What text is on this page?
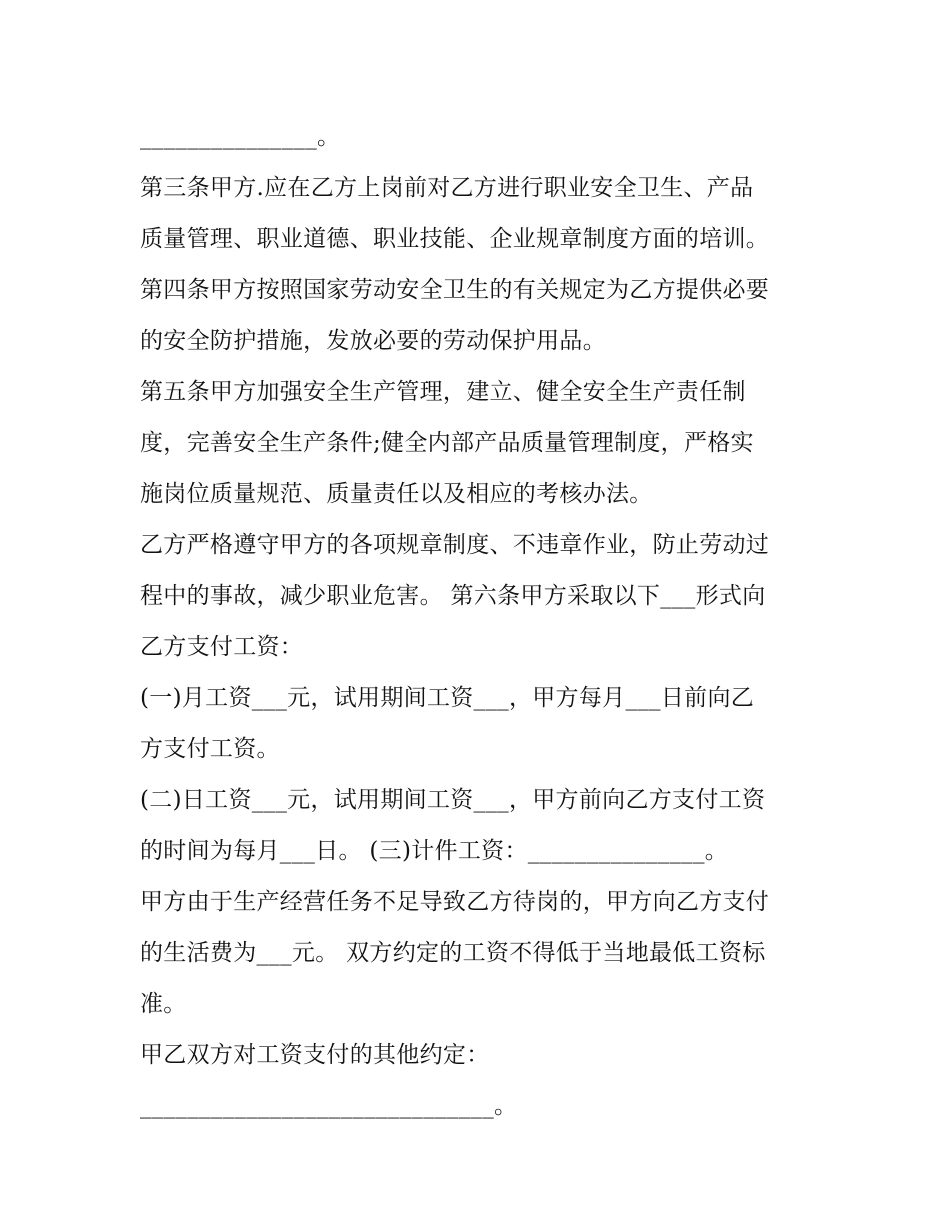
_______________。
第三条甲方.应在乙方上岗前对乙方进行职业安全卫生、产品
质量管理、职业道德、职业技能、企业规章制度方面的培训。
第四条甲方按照国家劳动安全卫生的有关规定为乙方提供必要
的安全防护措施，发放必要的劳动保护用品。
第五条甲方加强安全生产管理，建立、健全安全生产责任制
度，完善安全生产条件;健全内部产品质量管理制度，严格实
施岗位质量规范、质量责任以及相应的考核办法。
乙方严格遵守甲方的各项规章制度、不违章作业，防止劳动过
程中的事故，减少职业危害。 第六条甲方采取以下___形式向
乙方支付工资：
(一)月工资___元，试用期间工资___，甲方每月___日前向乙
方支付工资。
(二)日工资___元，试用期间工资___，甲方前向乙方支付工资
的时间为每月___日。 (三)计件工资：_______________。
甲方由于生产经营任务不足导致乙方待岗的，甲方向乙方支付
的生活费为___元。 双方约定的工资不得低于当地最低工资标
准。
甲乙双方对工资支付的其他约定：
______________________________。
